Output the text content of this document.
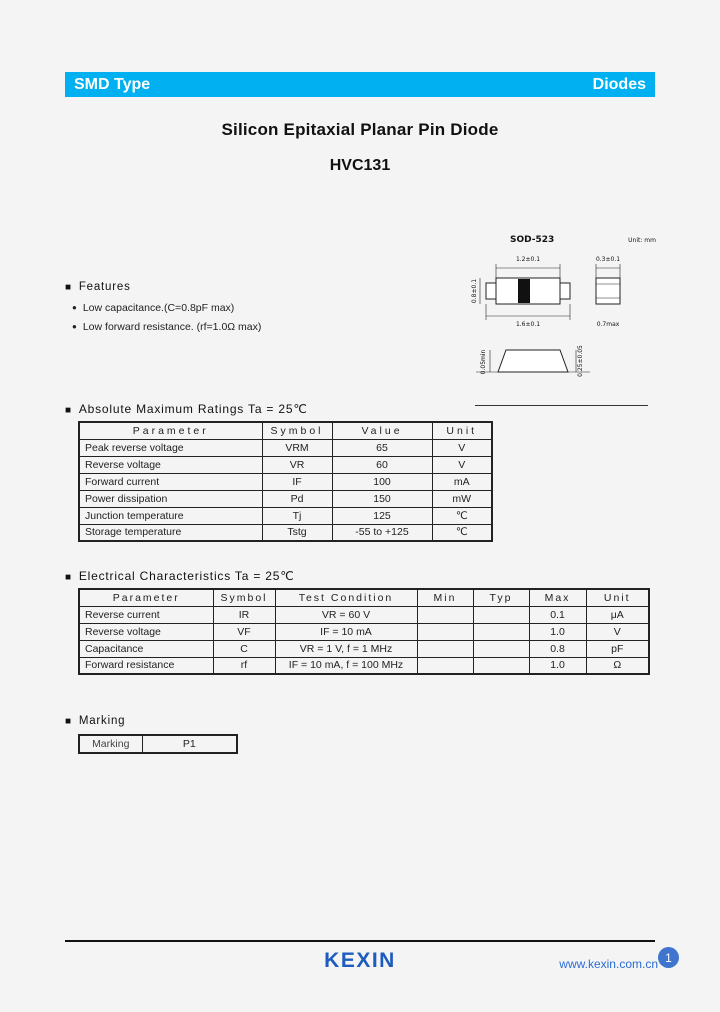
SMD Type	Diodes
Silicon Epitaxial Planar Pin Diode
HVC131
SOD-523	Unit: mm
1.2±0.1
0.8±0.1
0.3±0.1
1.6±0.1	0.7max
0.05min	0.25±0.05
■ Features
● Low capacitance.(C=0.8pF max)
● Low forward resistance. (rf=1.0Ω max)
■ Absolute Maximum Ratings Ta = 25℃
Parameter	Symbol	Value	Unit
Peak reverse voltage	VRM	65	V
Reverse voltage	VR	60	V
Forward current	IF	100	mA
Power dissipation	Pd	150	mW
Junction temperature	Tj	125	℃
Storage temperature	Tstg	-55 to +125	℃
■ Electrical Characteristics Ta = 25℃
Parameter	Symbol	Test Condition	Min	Typ	Max	Unit
Reverse current	IR	VR = 60 V			0.1	μA
Reverse voltage	VF	IF = 10 mA			1.0	V
Capacitance	C	VR = 1 V, f = 1 MHz			0.8	pF
Forward resistance	rf	IF = 10 mA, f = 100 MHz			1.0	Ω
■ Marking
Marking	P1
KEXIN	www.kexin.com.cn 1
